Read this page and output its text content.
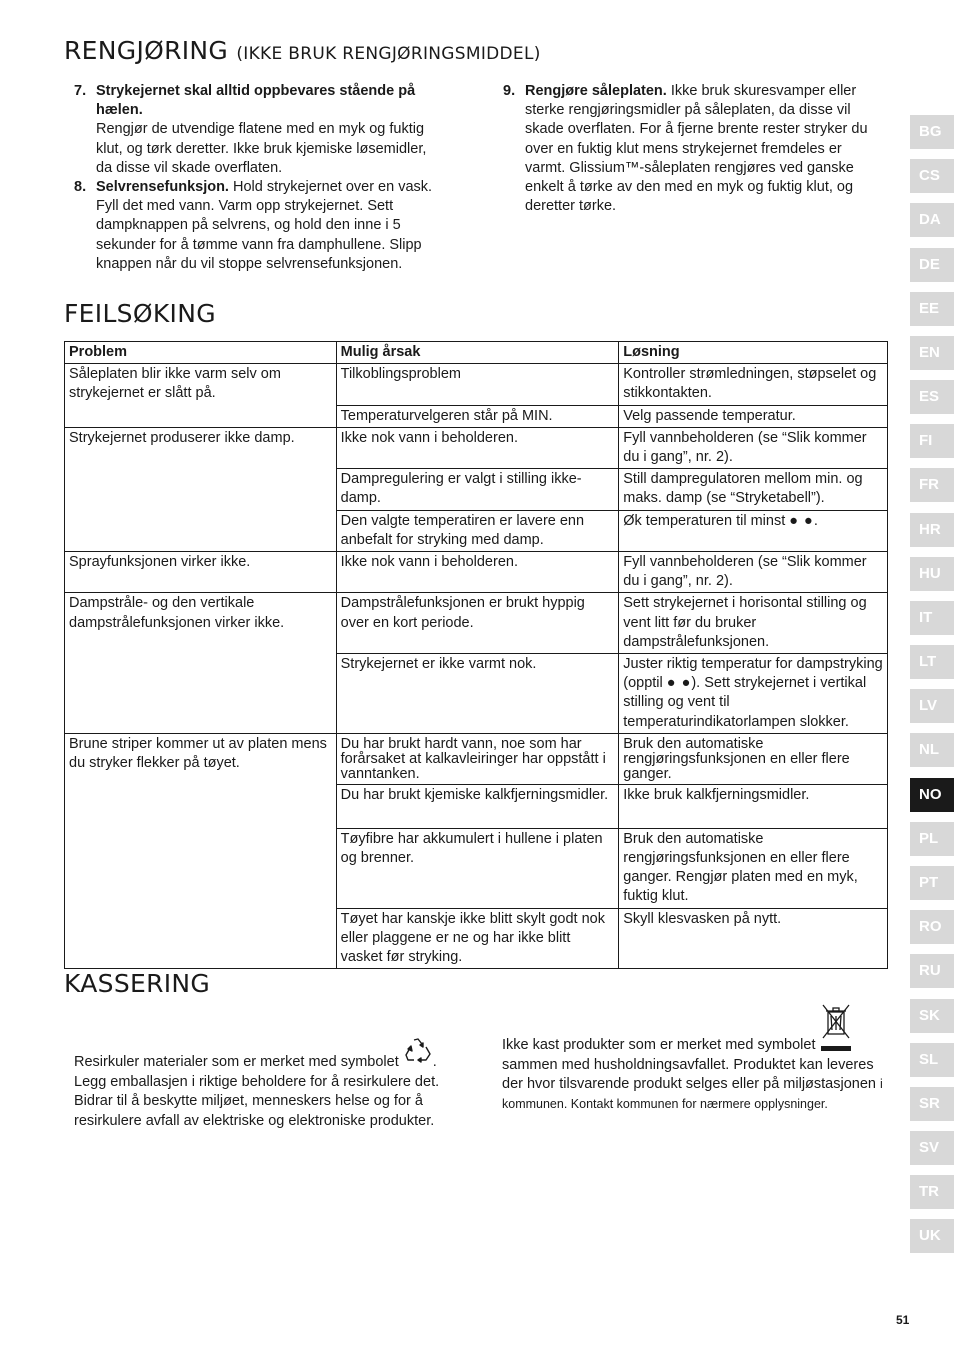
RENGJØRING (IKKE BRUK RENGJØRINGSMIDDEL)
7. Strykejernet skal alltid oppbevares stående på hælen.
Rengjør de utvendige flatene med en myk og fuktig klut, og tørk deretter. Ikke bruk kjemiske løsemidler, da disse vil skade overflaten.
8. Selvrensefunksjon. Hold strykejernet over en vask. Fyll det med vann. Varm opp strykejernet. Sett dampknappen på selvrens, og hold den inne i 5 sekunder for å tømme vann fra damphullene. Slipp knappen når du vil stoppe selvrensefunksjonen.
9. Rengjøre såleplaten. Ikke bruk skuresvamper eller sterke rengjøringsmidler på såleplaten, da disse vil skade overflaten. For å fjerne brente rester stryker du over en fuktig klut mens strykejernet fremdeles er varmt. Glissium™-såleplaten rengjøres ved ganske enkelt å tørke av den med en myk og fuktig klut, og deretter tørke.
FEILSØKING
Problem	Mulig årsak	Løsning
Såleplaten blir ikke varm selv om strykejernet er slått på.	Tilkoblingsproblem	Kontroller strømledningen, støpselet og stikkontakten.
	Temperaturvelgeren står på MIN.	Velg passende temperatur.
Strykejernet produserer ikke damp.	Ikke nok vann i beholderen.	Fyll vannbeholderen (se “Slik kommer du i gang”, nr. 2).
	Dampregulering er valgt i stilling ikke-damp.	Still dampregulatoren mellom min. og maks. damp (se “Stryketabell”).
	Den valgte temperatiren er lavere enn anbefalt for stryking med damp.	Øk temperaturen til minst ● ●.
Sprayfunksjonen virker ikke.	Ikke nok vann i beholderen.	Fyll vannbeholderen (se “Slik kommer du i gang”, nr. 2).
Dampstråle- og den vertikale dampstrålefunksjonen virker ikke.	Dampstrålefunksjonen er brukt hyppig over en kort periode.	Sett strykejernet i horisontal stilling og vent litt før du bruker dampstrålefunksjonen.
	Strykejernet er ikke varmt nok.	Juster riktig temperatur for dampstryking (opptil ● ●). Sett strykejernet i vertikal stilling og vent til temperaturindikatorlampen slokker.
Brune striper kommer ut av platen mens du stryker flekker på tøyet.	Du har brukt hardt vann, noe som har forårsaket at kalkavleiringer har oppstått i vanntanken.	Bruk den automatiske rengjøringsfunksjonen en eller flere ganger.
	Du har brukt kjemiske kalkfjerningsmidler.	Ikke bruk kalkfjerningsmidler.
	Tøyfibre har akkumulert i hullene i platen og brenner.	Bruk den automatiske rengjøringsfunksjonen en eller flere ganger. Rengjør platen med en myk, fuktig klut.
	Tøyet har kanskje ikke blitt skylt godt nok eller plaggene er ne og har ikke blitt vasket før stryking.	Skyll klesvasken på nytt.
KASSERING
Resirkuler materialer som er merket med symbolet . Legg emballasjen i riktige beholdere for å resirkulere det. Bidrar til å beskytte miljøet, menneskers helse og for å resirkulere avfall av elektriske og elektroniske produkter.
Ikke kast produkter som er merket med symbolet
sammen med husholdningsavfallet. Produktet kan leveres der hvor tilsvarende produkt selges eller på miljøstasjonen i kommunen. Kontakt kommunen for nærmere opplysninger.
BG
CS
DA
DE
EE
EN
ES
FI
FR
HR
HU
IT
LT
LV
NL
NO
PL
PT
RO
RU
SK
SL
SR
SV
TR
UK
51
